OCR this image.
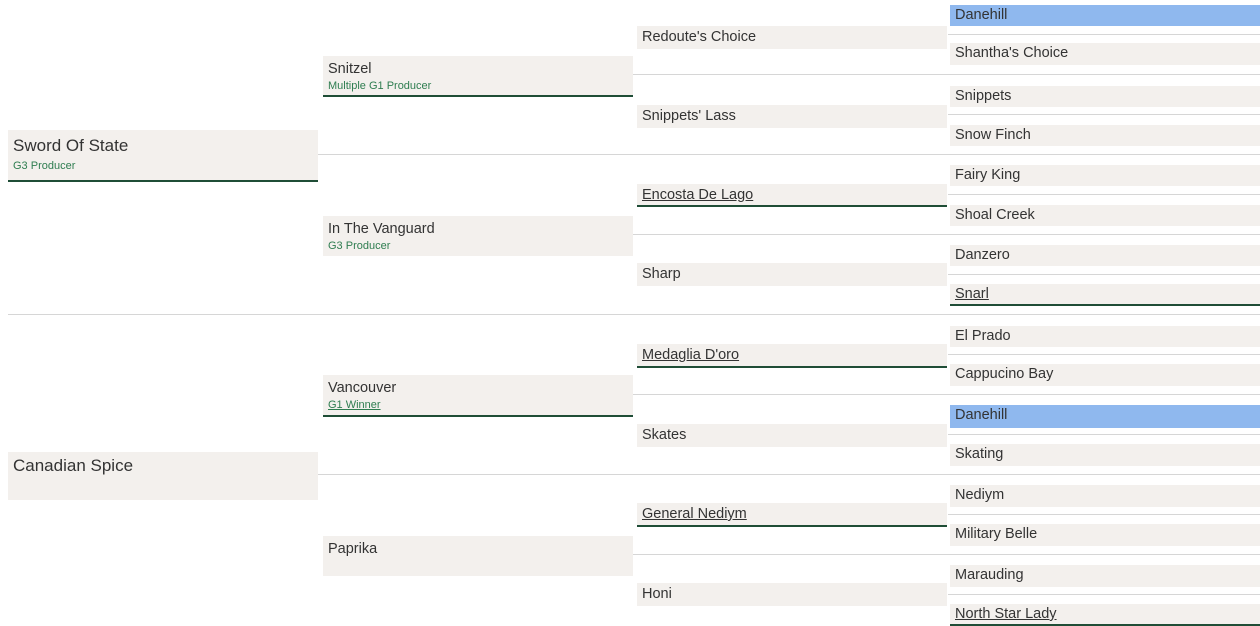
Sword Of State
G3 Producer
Canadian Spice
Snitzel
Multiple G1 Producer
In The Vanguard
G3 Producer
Vancouver
G1 Winner
Paprika
Redoute's Choice
Snippets' Lass
Encosta De Lago
Sharp
Medaglia D'oro
Skates
General Nediym
Honi
Danehill
Shantha's Choice
Snippets
Snow Finch
Fairy King
Shoal Creek
Danzero
Snarl
El Prado
Cappucino Bay
Danehill
Skating
Nediym
Military Belle
Marauding
North Star Lady
